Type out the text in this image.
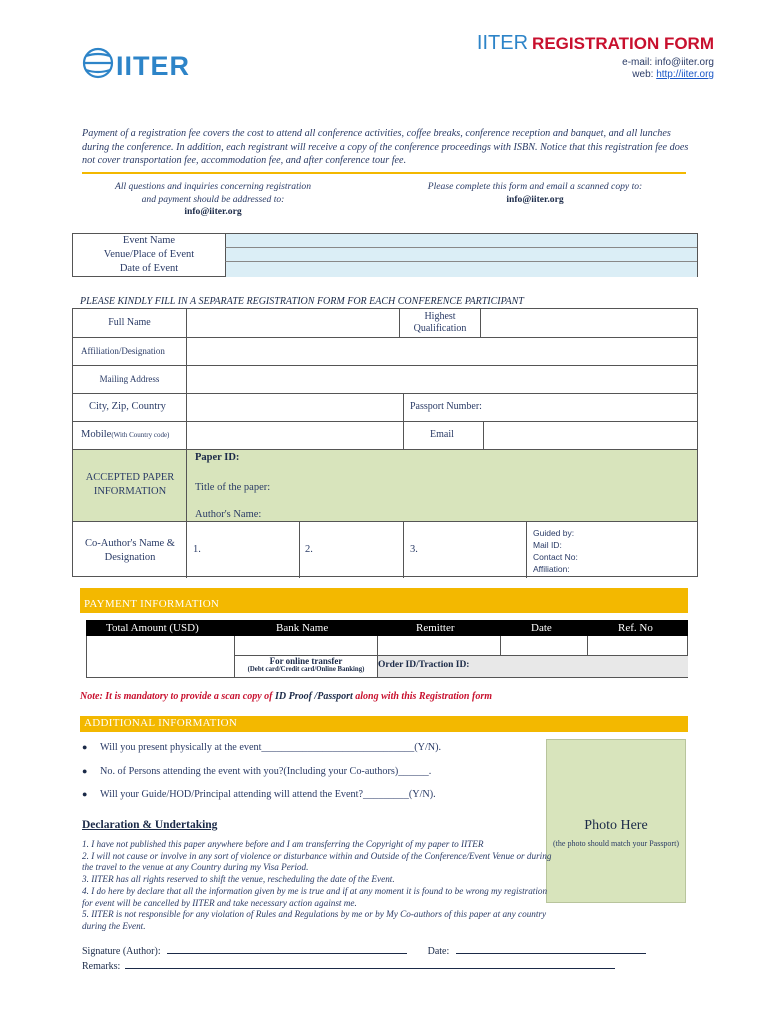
IITER
IITER REGISTRATION FORM
e-mail: info@iiter.org
web: http://iiter.org
Payment of a registration fee covers the cost to attend all conference activities, coffee breaks, conference reception and banquet, and all lunches during the conference. In addition, each registrant will receive a copy of the conference proceedings with ISBN. Notice that this registration fee does not cover transportation fee, accommodation fee, and after conference tour fee.
All questions and inquiries concerning registration
and payment should be addressed to:
info@iiter.org
Please complete this form and email a scanned copy to:
info@iiter.org
Event Name
Venue/Place of Event
Date of Event
PLEASE KINDLY FILL IN A SEPARATE REGISTRATION FORM FOR EACH CONFERENCE PARTICIPANT
Full Name
Highest Qualification
Affiliation/Designation
Mailing Address
City, Zip, Country	Passport Number:
Mobile(With Country code)	Email
ACCEPTED PAPER INFORMATION
Paper ID:
Title of the paper:
Author's Name:
Co-Author's Name & Designation
1.	2.	3.
Guided by:
Mail ID:
Contact No:
Affiliation:
PAYMENT INFORMATION
Total Amount (USD)	Bank Name	Remitter	Date	Ref. No
For online transfer
(Debt card/Credit card/Online Banking)	Order ID/Traction ID:
Note: It is mandatory to provide a scan copy of ID Proof /Passport along with this Registration form
ADDITIONAL INFORMATION
● Will you present physically at the event______________________________(Y/N).
● No. of Persons attending the event with you?(Including your Co-authors)______.
● Will your Guide/HOD/Principal attending will attend the Event?_________(Y/N).
Photo Here
(the photo should match your Passport)
Declaration & Undertaking
1. I have not published this paper anywhere before and I am transferring the Copyright of my paper to IITER
2. I will not cause or involve in any sort of violence or disturbance within and Outside of the Conference/Event Venue or during the travel to the venue at any Country during my Visa Period.
3. IITER has all rights reserved to shift the venue, rescheduling the date of the Event.
4. I do here by declare that all the information given by me is true and if at any moment it is found to be wrong my registration for event will be cancelled by IITER and take necessary action against me.
5. IITER is not responsible for any violation of Rules and Regulations by me or by My Co-authors of this paper at any country during the Event.
Signature (Author):	Date:
Remarks:
